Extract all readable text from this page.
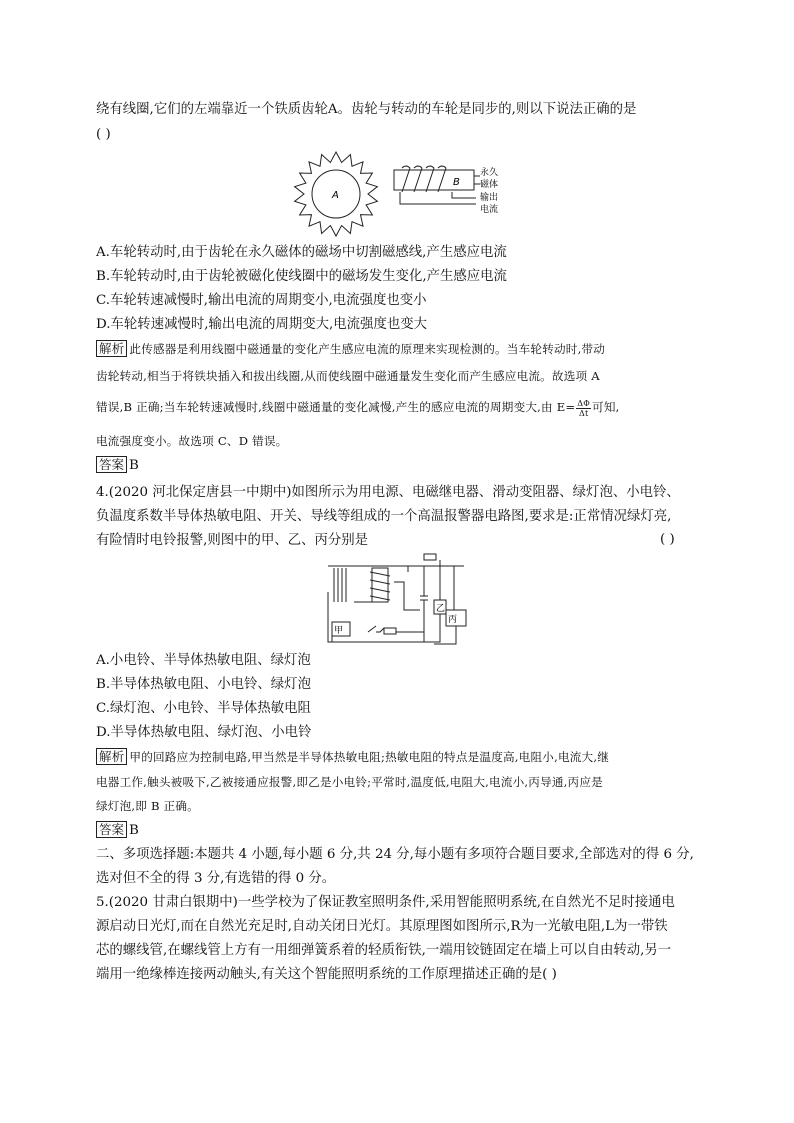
绕有线圈,它们的左端靠近一个铁质齿轮A。齿轮与转动的车轮是同步的,则以下说法正确的是
( )
A
B
永久
磁体
输出
电流
A.车轮转动时,由于齿轮在永久磁体的磁场中切割磁感线,产生感应电流
B.车轮转动时,由于齿轮被磁化使线圈中的磁场发生变化,产生感应电流
C.车轮转速减慢时,输出电流的周期变小,电流强度也变小
D.车轮转速减慢时,输出电流的周期变大,电流强度也变大
解析 此传感器是利用线圈中磁通量的变化产生感应电流的原理来实现检测的。当车轮转动时,带动
齿轮转动,相当于将铁块插入和拔出线圈,从而使线圈中磁通量发生变化而产生感应电流。故选项 A
错误,B 正确;当车轮转速减慢时,线圈中磁通量的变化减慢,产生的感应电流的周期变大,由 $E= \frac{\Delta\Phi}{\Delta t}$ 可知,
电流强度变小。故选项 C、D 错误。
答案 B
4.(2020 河北保定唐县一中期中)如图所示为用电源、电磁继电器、滑动变阻器、绿灯泡、小电铃、
负温度系数半导体热敏电阻、开关、导线等组成的一个高温报警器电路图,要求是:正常情况绿灯亮,
有险情时电铃报警,则图中的甲、乙、丙分别是	( )
甲
乙
丙
A.小电铃、半导体热敏电阻、绿灯泡
B.半导体热敏电阻、小电铃、绿灯泡
C.绿灯泡、小电铃、半导体热敏电阻
D.半导体热敏电阻、绿灯泡、小电铃
解析 甲的回路应为控制电路,甲当然是半导体热敏电阻;热敏电阻的特点是温度高,电阻小,电流大,继
电器工作,触头被吸下,乙被接通应报警,即乙是小电铃;平常时,温度低,电阻大,电流小,丙导通,丙应是
绿灯泡,即 B 正确。
答案 B
二、多项选择题:本题共 4 小题,每小题 6 分,共 24 分,每小题有多项符合题目要求,全部选对的得 6 分,
选对但不全的得 3 分,有选错的得 0 分。
5.(2020 甘肃白银期中)一些学校为了保证教室照明条件,采用智能照明系统,在自然光不足时接通电
源启动日光灯,而在自然光充足时,自动关闭日光灯。其原理图如图所示,R为一光敏电阻,L为一带铁
芯的螺线管,在螺线管上方有一用细弹簧系着的轻质衔铁,一端用铰链固定在墙上可以自由转动,另一
端用一绝缘棒连接两动触头,有关这个智能照明系统的工作原理描述正确的是( )
